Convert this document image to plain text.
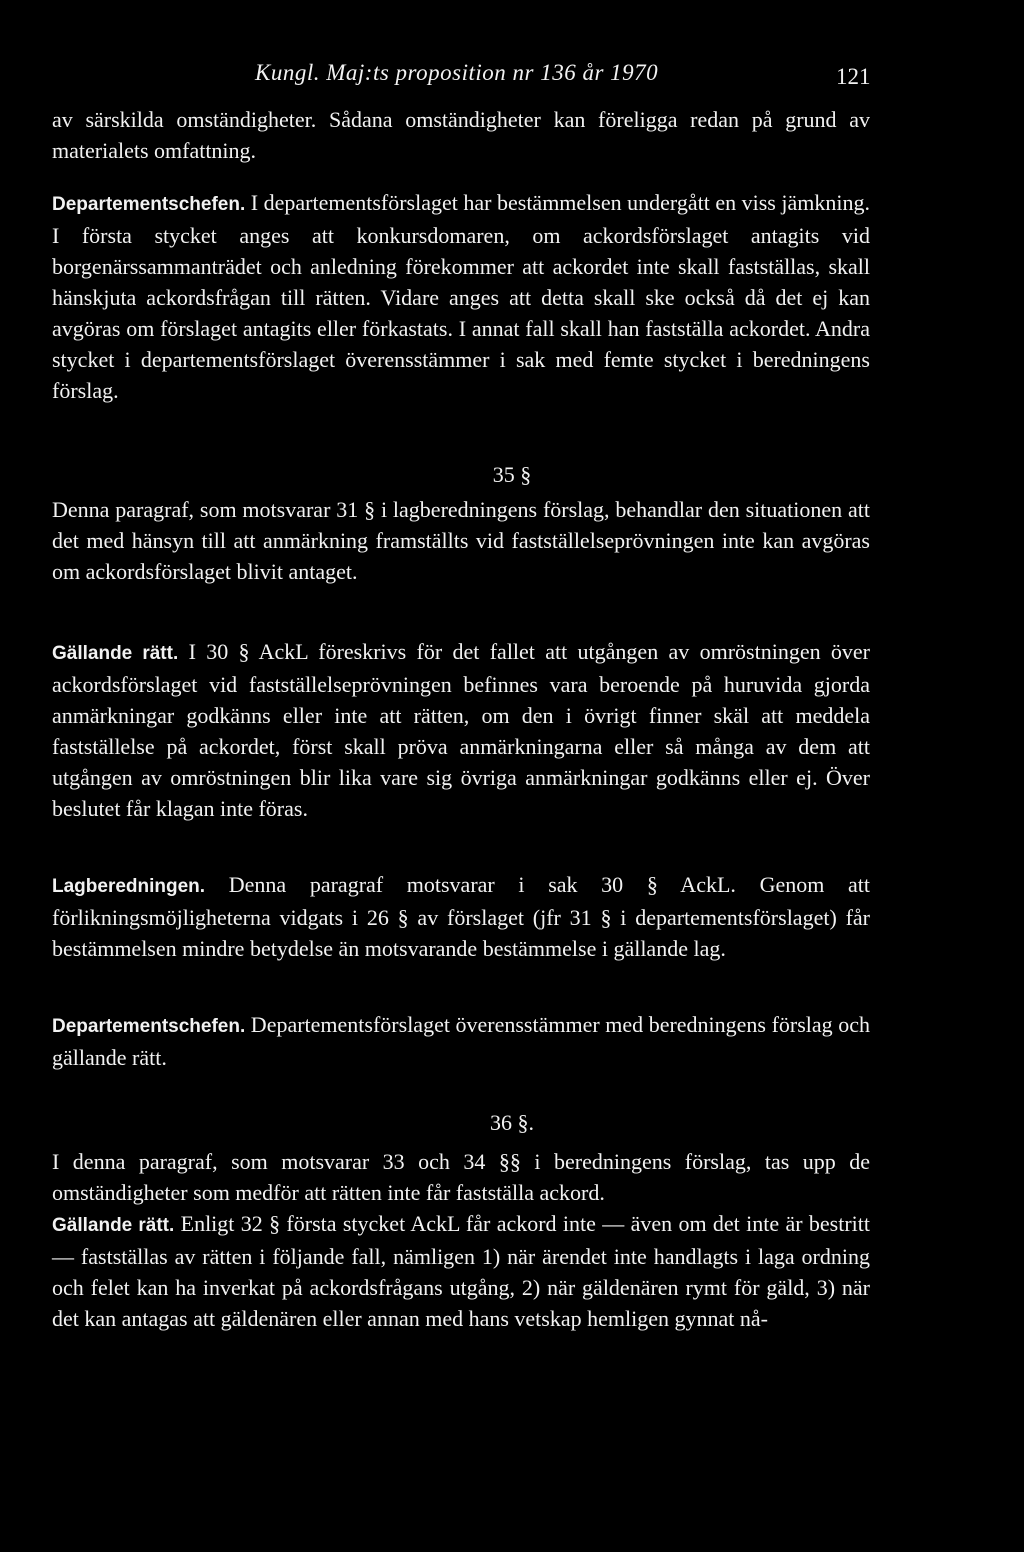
Kungl. Maj:ts proposition nr 136 år 1970	121

av särskilda omständigheter. Sådana omständigheter kan föreligga redan på grund av materialets omfattning.

Departementschefen. I departementsförslaget har bestämmelsen undergått en viss jämkning. I första stycket anges att konkursdomaren, om ackordsförslaget antagits vid borgenärssammanträdet och anledning förekommer att ackordet inte skall fastställas, skall hänskjuta ackordsfrågan till rätten. Vidare anges att detta skall ske också då det ej kan avgöras om förslaget antagits eller förkastats. I annat fall skall han fastställa ackordet. Andra stycket i departementsförslaget överensstämmer i sak med femte stycket i beredningens förslag.

35 §

Denna paragraf, som motsvarar 31 § i lagberedningens förslag, behandlar den situationen att det med hänsyn till att anmärkning framställts vid fastställelseprövningen inte kan avgöras om ackordsförslaget blivit antaget.

Gällande rätt. I 30 § AckL föreskrivs för det fallet att utgången av omröstningen över ackordsförslaget vid fastställelseprövningen befinnes vara beroende på huruvida gjorda anmärkningar godkänns eller inte att rätten, om den i övrigt finner skäl att meddela fastställelse på ackordet, först skall pröva anmärkningarna eller så många av dem att utgången av omröstningen blir lika vare sig övriga anmärkningar godkänns eller ej. Över beslutet får klagan inte föras.

Lagberedningen. Denna paragraf motsvarar i sak 30 § AckL. Genom att förlikningsmöjligheterna vidgats i 26 § av förslaget (jfr 31 § i departementsförslaget) får bestämmelsen mindre betydelse än motsvarande bestämmelse i gällande lag.

Departementschefen. Departementsförslaget överensstämmer med beredningens förslag och gällande rätt.

36 §.

I denna paragraf, som motsvarar 33 och 34 §§ i beredningens förslag, tas upp de omständigheter som medför att rätten inte får fastställa ackord.

Gällande rätt. Enligt 32 § första stycket AckL får ackord inte — även om det inte är bestritt — fastställas av rätten i följande fall, nämligen 1) när ärendet inte handlagts i laga ordning och felet kan ha inverkat på ackordsfrågans utgång, 2) när gäldenären rymt för gäld, 3) när det kan antagas att gäldenären eller annan med hans vetskap hemligen gynnat nå-
